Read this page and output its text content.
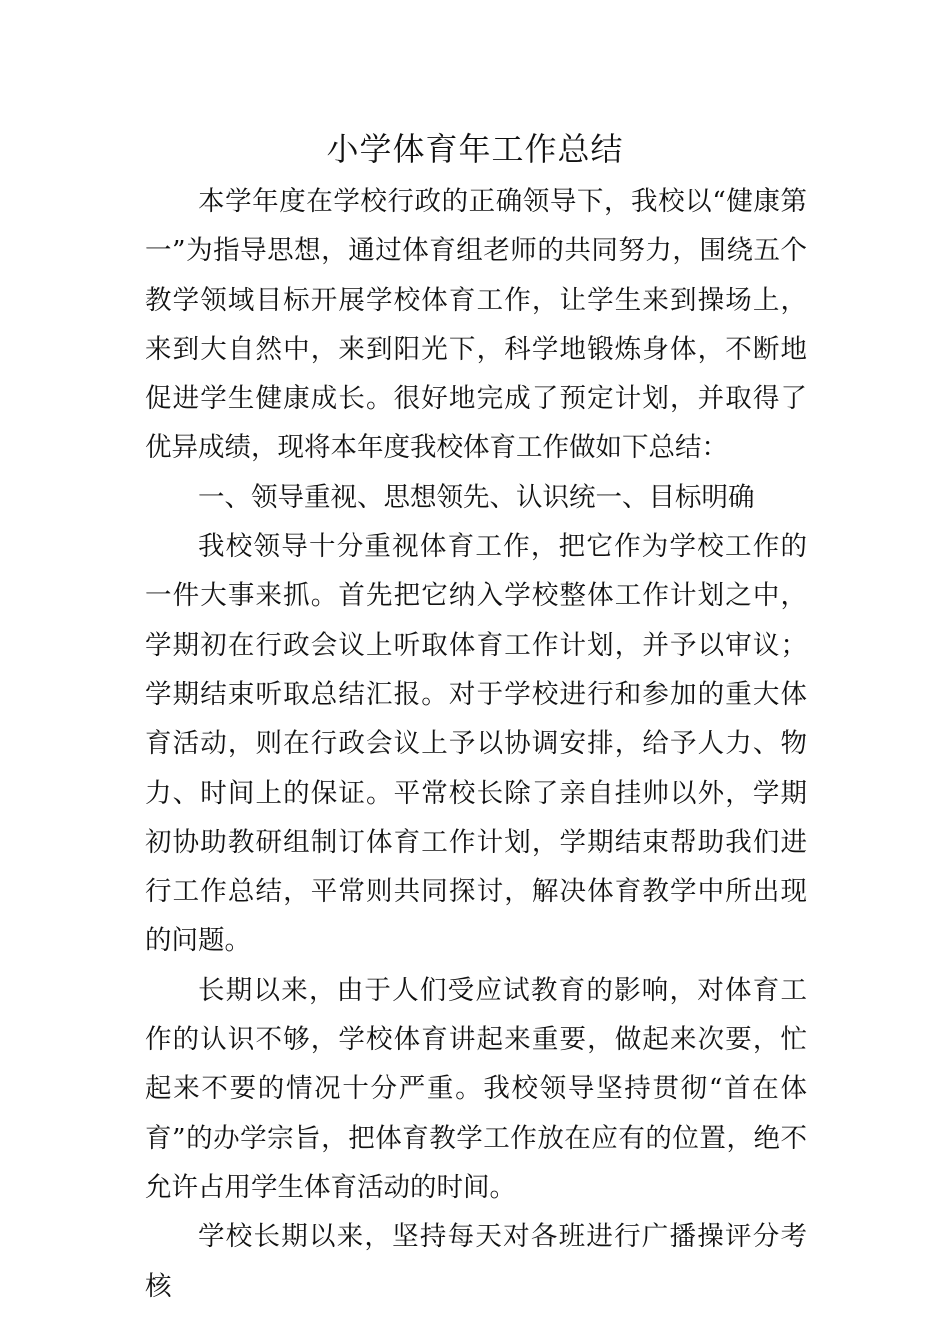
小学体育年工作总结

本学年度在学校行政的正确领导下，我校以“健康第一”为指导思想，通过体育组老师的共同努力，围绕五个教学领域目标开展学校体育工作，让学生来到操场上，来到大自然中，来到阳光下，科学地锻炼身体，不断地促进学生健康成长。很好地完成了预定计划，并取得了优异成绩，现将本年度我校体育工作做如下总结：

一、领导重视、思想领先、认识统一、目标明确

我校领导十分重视体育工作，把它作为学校工作的一件大事来抓。首先把它纳入学校整体工作计划之中，学期初在行政会议上听取体育工作计划，并予以审议；学期结束听取总结汇报。对于学校进行和参加的重大体育活动，则在行政会议上予以协调安排，给予人力、物力、时间上的保证。平常校长除了亲自挂帅以外，学期初协助教研组制订体育工作计划，学期结束帮助我们进行工作总结，平常则共同探讨，解决体育教学中所出现的问题。

长期以来，由于人们受应试教育的影响，对体育工作的认识不够，学校体育讲起来重要，做起来次要，忙起来不要的情况十分严重。我校领导坚持贯彻“首在体育”的办学宗旨，把体育教学工作放在应有的位置，绝不允许占用学生体育活动的时间。

学校长期以来，坚持每天对各班进行广播操评分考核
